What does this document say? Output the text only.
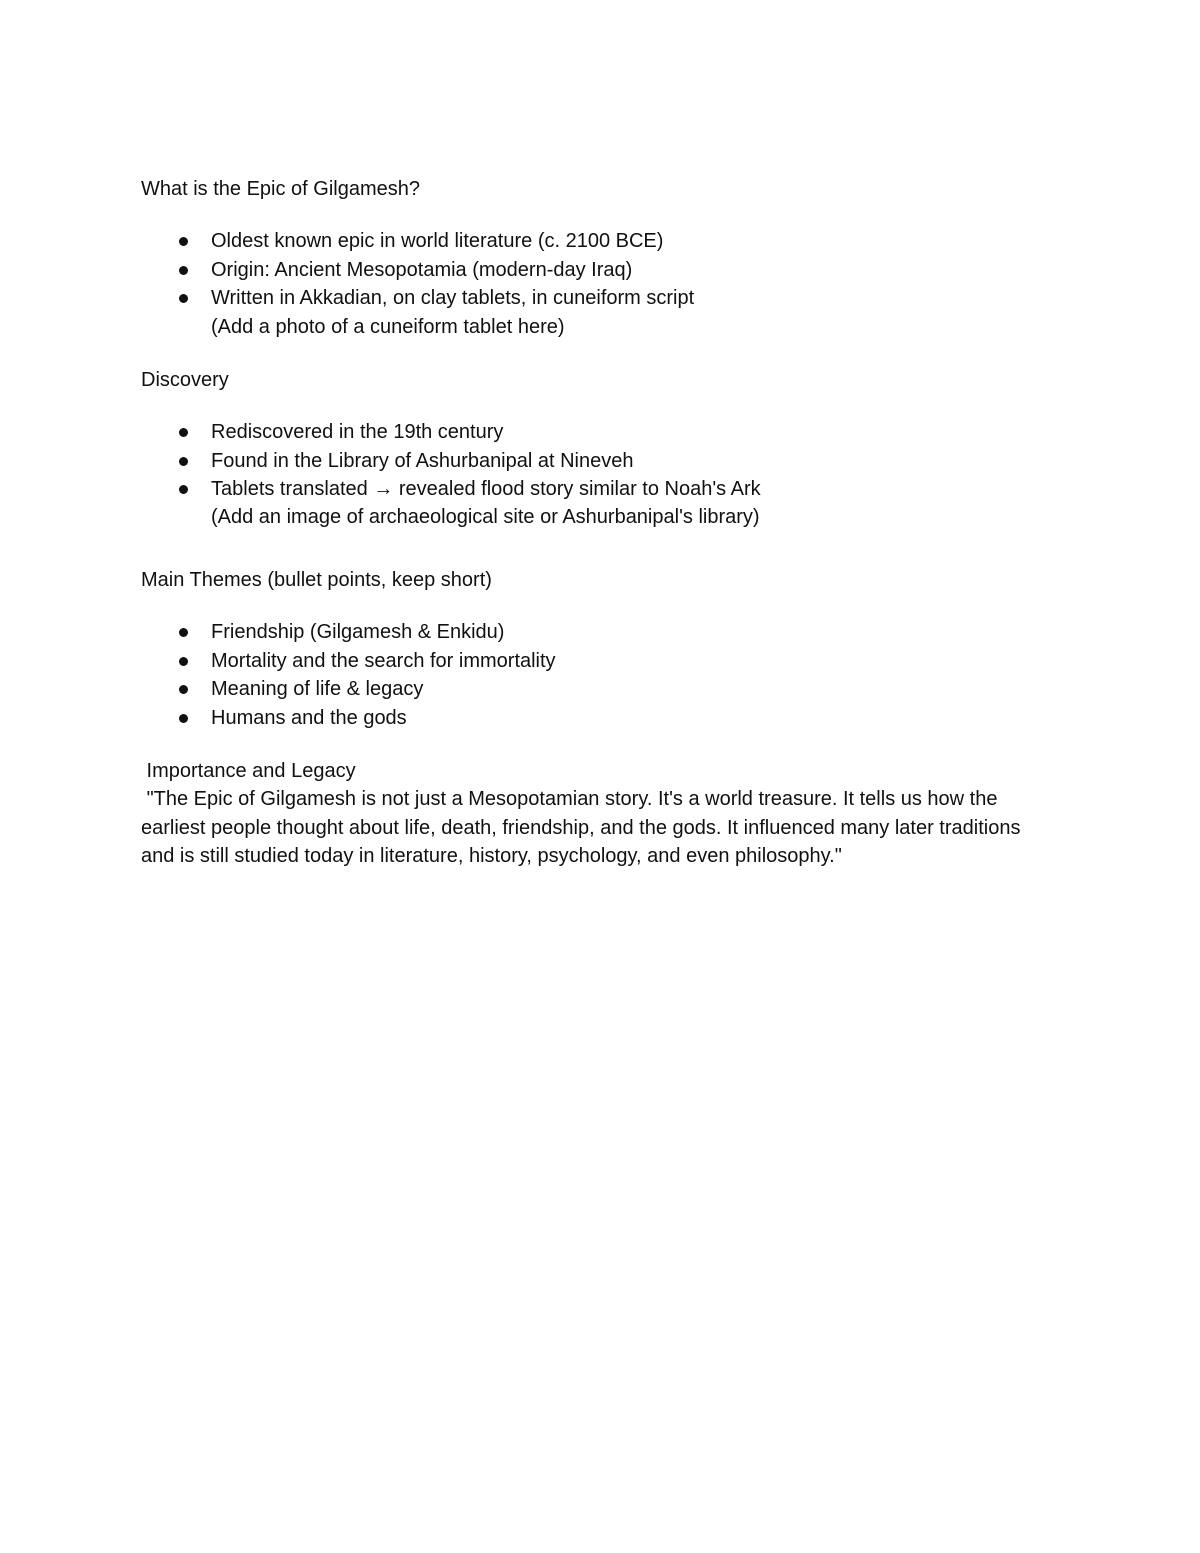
What is the Epic of Gilgamesh?
Oldest known epic in world literature (c. 2100 BCE)
Origin: Ancient Mesopotamia (modern-day Iraq)
Written in Akkadian, on clay tablets, in cuneiform script
(Add a photo of a cuneiform tablet here)
Discovery
Rediscovered in the 19th century
Found in the Library of Ashurbanipal at Nineveh
Tablets translated → revealed flood story similar to Noah's Ark
(Add an image of archaeological site or Ashurbanipal's library)
Main Themes (bullet points, keep short)
Friendship (Gilgamesh & Enkidu)
Mortality and the search for immortality
Meaning of life & legacy
Humans and the gods
Importance and Legacy

"The Epic of Gilgamesh is not just a Mesopotamian story. It's a world treasure. It tells us how the earliest people thought about life, death, friendship, and the gods. It influenced many later traditions and is still studied today in literature, history, psychology, and even philosophy."
